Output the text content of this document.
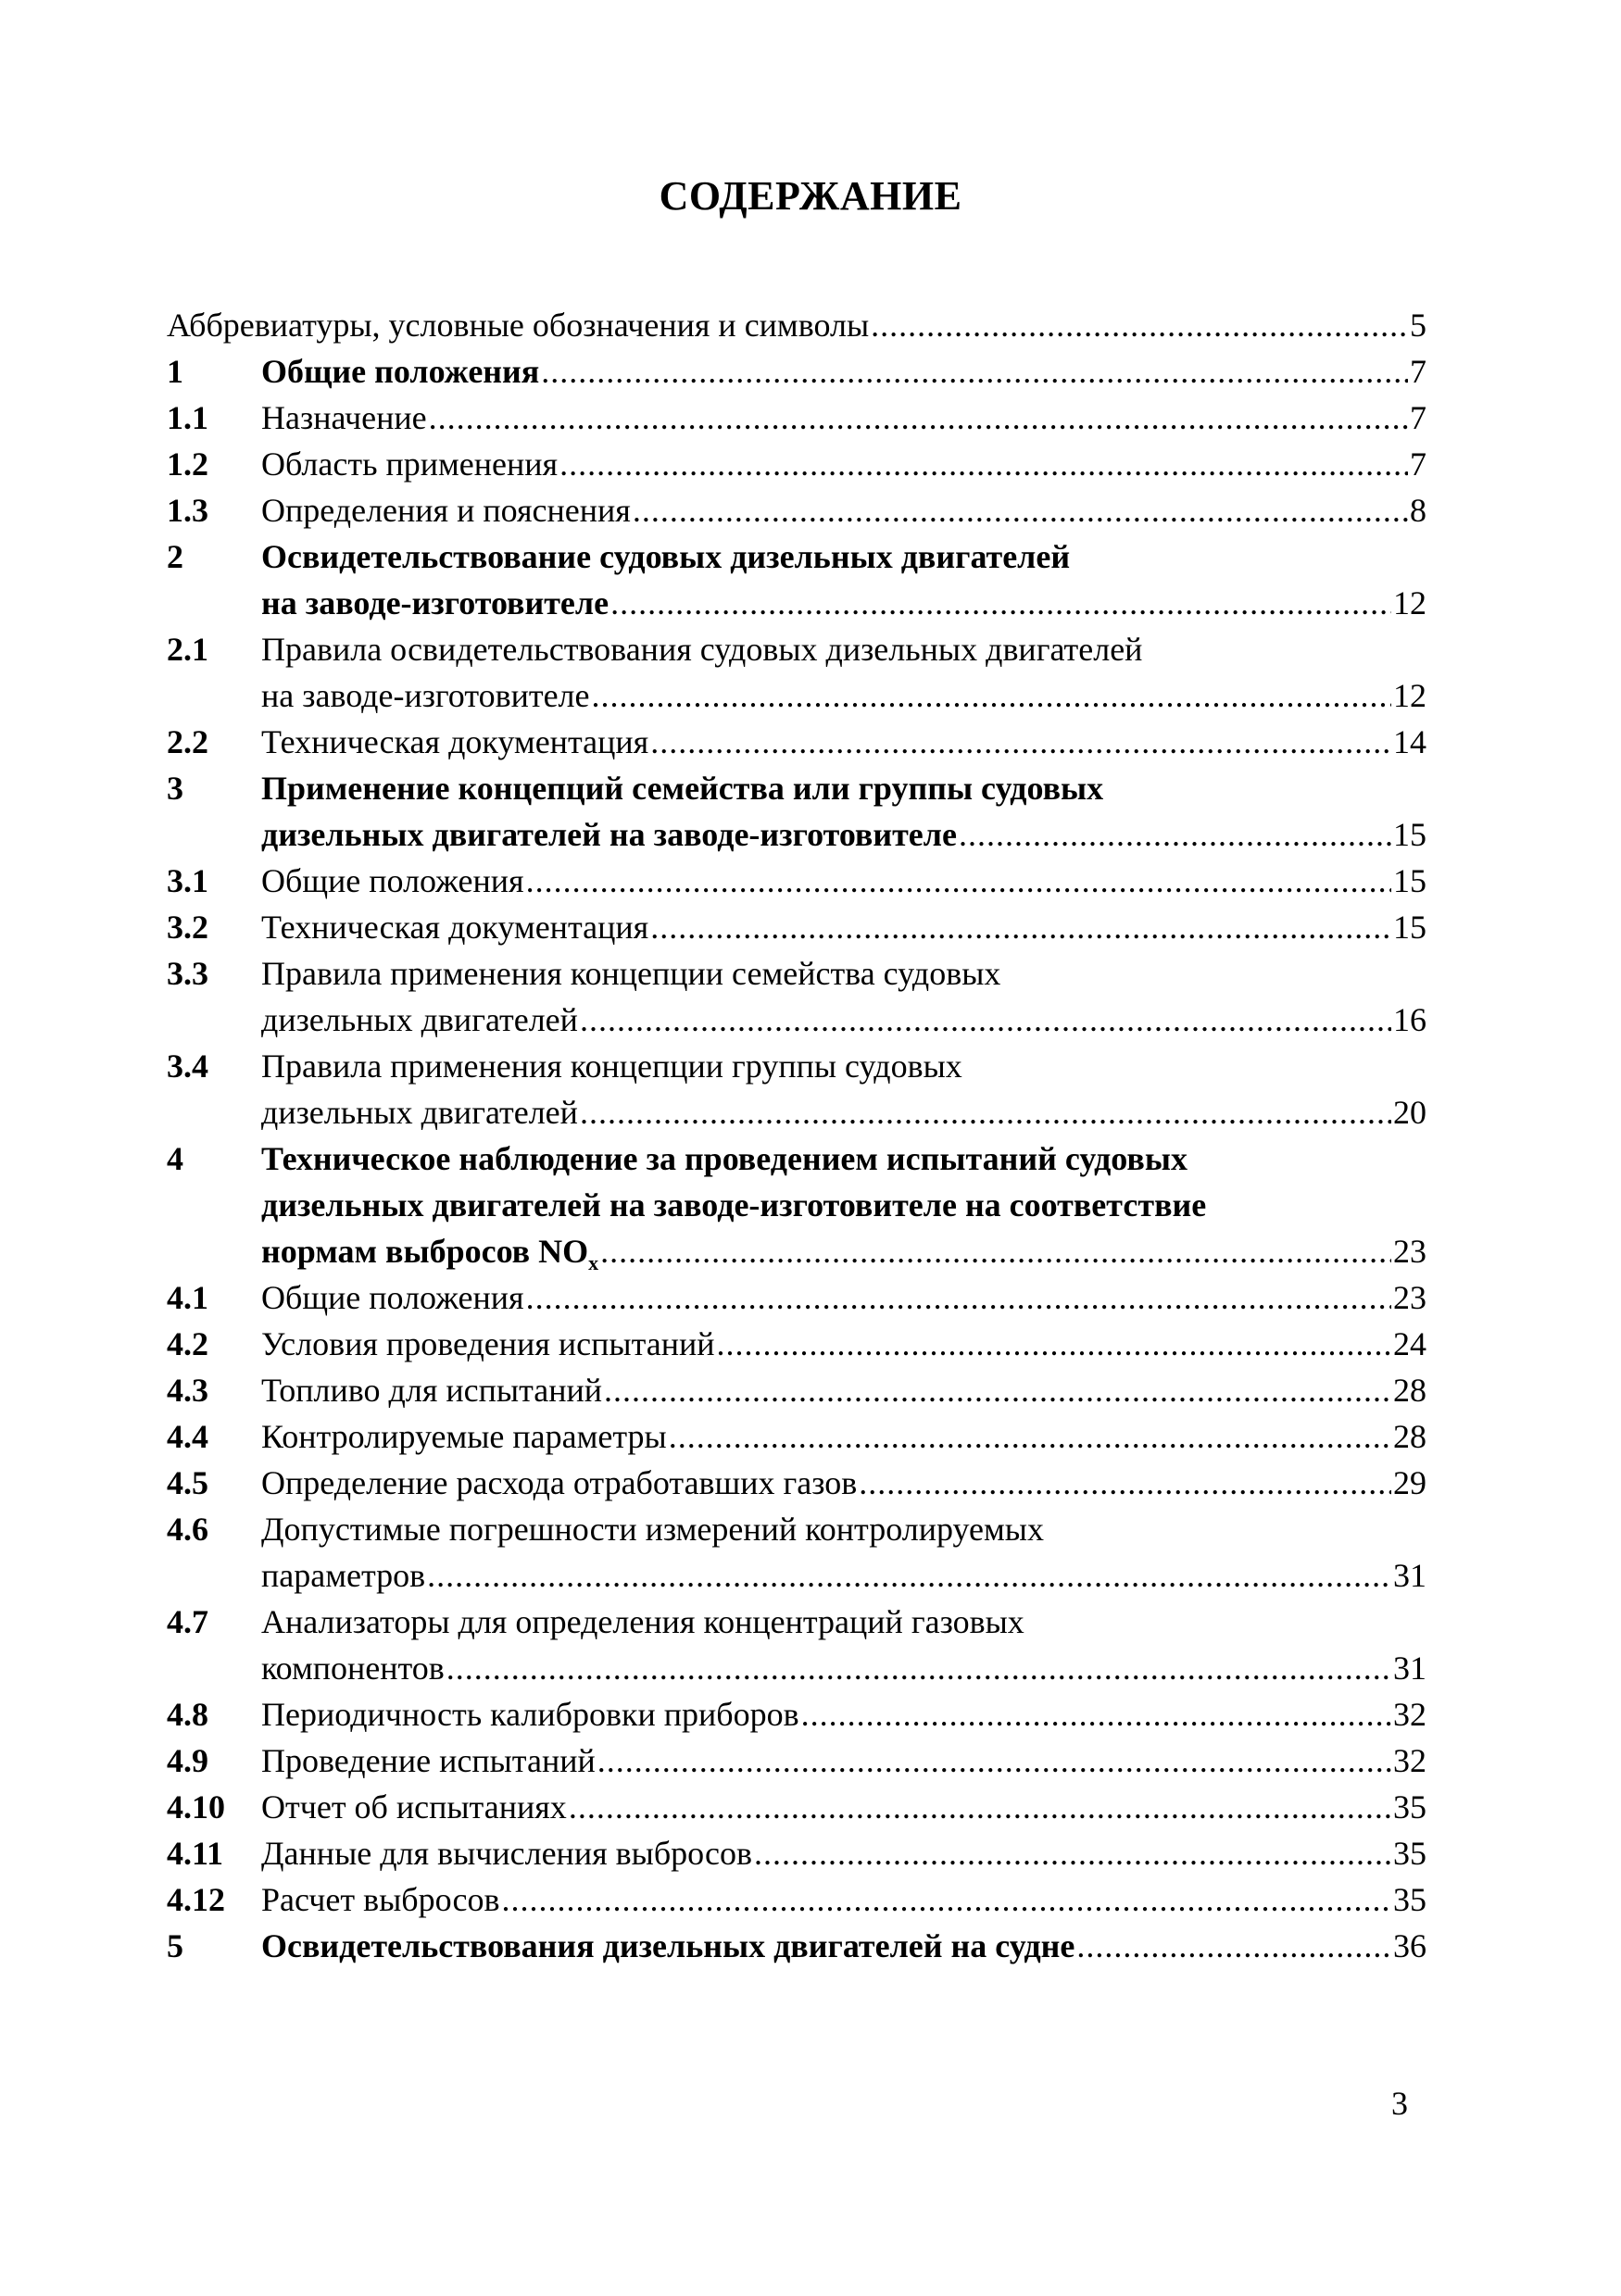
СОДЕРЖАНИЕ
Аббревиатуры, условные обозначения и символы .....	5
1 Общие положения .....	7
1.1 Назначение .....	7
1.2 Область применения .....	7
1.3 Определения и пояснения .....	8
2 Освидетельствование судовых дизельных двигателей
на заводе-изготовителе .....	12
2.1 Правила освидетельствования судовых дизельных двигателей
на заводе-изготовителе .....	12
2.2 Техническая документация .....	14
3 Применение концепций семейства или группы судовых
дизельных двигателей на заводе-изготовителе .....	15
3.1 Общие положения .....	15
3.2 Техническая документация .....	15
3.3 Правила применения концепции семейства судовых
дизельных двигателей .....	16
3.4 Правила применения концепции группы судовых
дизельных двигателей .....	20
4 Техническое наблюдение за проведением испытаний судовых
дизельных двигателей на заводе-изготовителе на соответствие
нормам выбросов $NO_x$ .....	23
4.1 Общие положения .....	23
4.2 Условия проведения испытаний .....	24
4.3 Топливо для испытаний .....	28
4.4 Контролируемые параметры .....	28
4.5 Определение расхода отработавших газов .....	29
4.6 Допустимые погрешности измерений контролируемых
параметров .....	31
4.7 Анализаторы для определения концентраций газовых
компонентов .....	31
4.8 Периодичность калибровки приборов .....	32
4.9 Проведение испытаний .....	32
4.10 Отчет об испытаниях .....	35
4.11 Данные для вычисления выбросов .....	35
4.12 Расчет выбросов .....	35
5 Освидетельствования дизельных двигателей на судне .....	36
3
